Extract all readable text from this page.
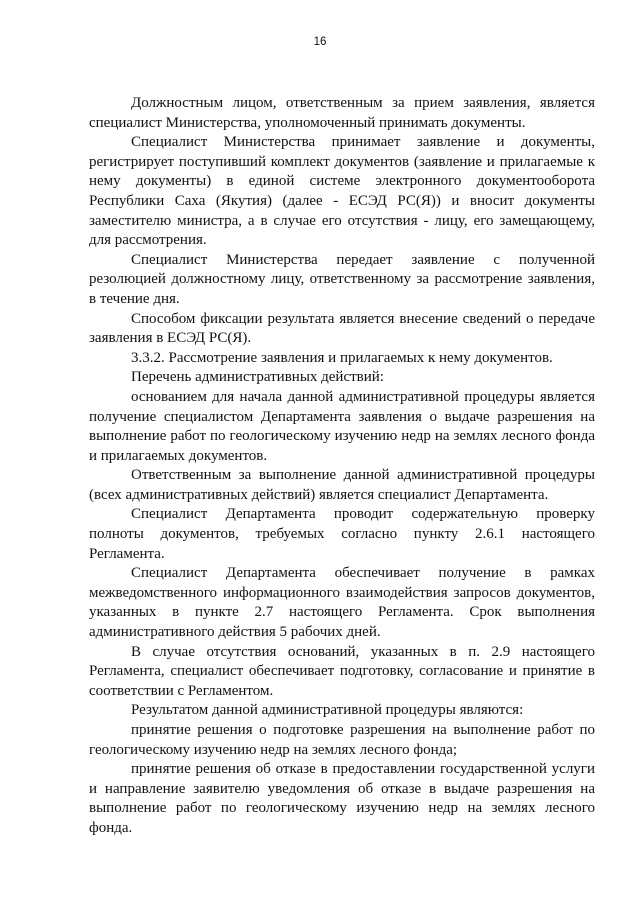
16

Должностным лицом, ответственным за прием заявления, является специалист Министерства, уполномоченный принимать документы.

Специалист Министерства принимает заявление и документы, регистрирует поступивший комплект документов (заявление и прилагаемые к нему документы) в единой системе электронного документооборота Республики Саха (Якутия) (далее - ЕСЭД РС(Я)) и вносит документы заместителю министра, а в случае его отсутствия - лицу, его замещающему, для рассмотрения.

Специалист Министерства передает заявление с полученной резолюцией должностному лицу, ответственному за рассмотрение заявления, в течение дня.

Способом фиксации результата является внесение сведений о передаче заявления в ЕСЭД РС(Я).

3.3.2. Рассмотрение заявления и прилагаемых к нему документов.

Перечень административных действий:

основанием для начала данной административной процедуры является получение специалистом Департамента заявления о выдаче разрешения на выполнение работ по геологическому изучению недр на землях лесного фонда и прилагаемых документов.

Ответственным за выполнение данной административной процедуры (всех административных действий) является специалист Департамента.

Специалист Департамента проводит содержательную проверку полноты документов, требуемых согласно пункту 2.6.1 настоящего Регламента.

Специалист Департамента обеспечивает получение в рамках межведомственного информационного взаимодействия запросов документов, указанных в пункте 2.7 настоящего Регламента. Срок выполнения административного действия 5 рабочих дней.

В случае отсутствия оснований, указанных в п. 2.9 настоящего Регламента, специалист обеспечивает подготовку, согласование и принятие в соответствии с Регламентом.

Результатом данной административной процедуры являются:

принятие решения о подготовке разрешения на выполнение работ по геологическому изучению недр на землях лесного фонда;

принятие решения об отказе в предоставлении государственной услуги и направление заявителю уведомления об отказе в выдаче разрешения на выполнение работ по геологическому изучению недр на землях лесного фонда.
